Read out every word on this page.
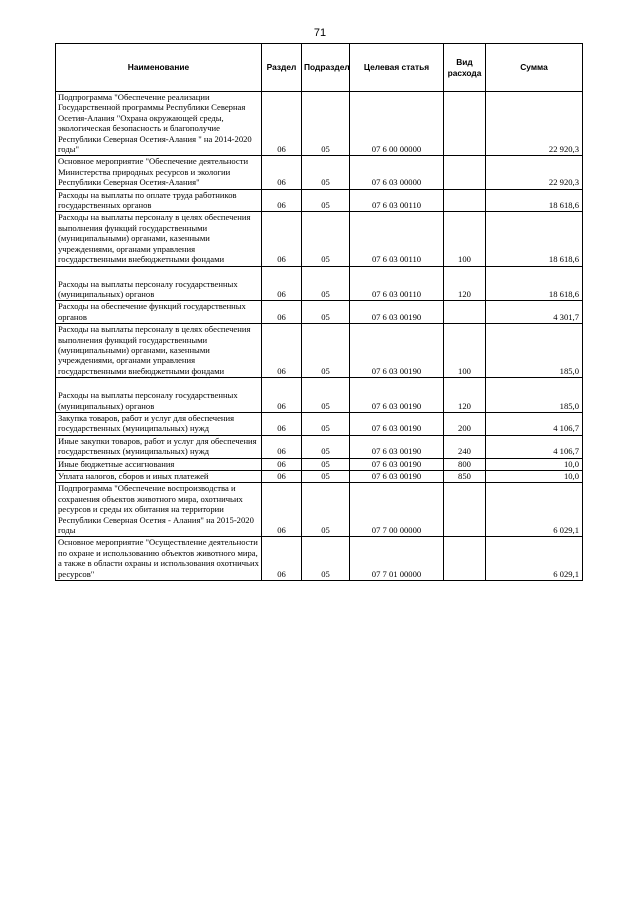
71
Наименование	Раздел	Подраздел	Целевая статья	Вид расхода	Сумма
Подпрограмма "Обеспечение реализации Государственной программы Республики Северная Осетия-Алания "Охрана окружающей среды, экологическая безопасность и благополучие Республики Северная Осетия-Алания " на 2014-2020 годы"	06	05	07 6 00 00000		22 920,3
Основное мероприятие "Обеспечение деятельности Министерства природных ресурсов и экологии Республики Северная Осетия-Алания"	06	05	07 6 03 00000		22 920,3
Расходы на выплаты по оплате труда работников государственных органов	06	05	07 6 03 00110		18 618,6
Расходы на выплаты персоналу в целях обеспечения выполнения функций государственными (муниципальными) органами, казенными учреждениями, органами управления государственными внебюджетными фондами	06	05	07 6 03 00110	100	18 618,6
Расходы на выплаты персоналу государственных (муниципальных) органов	06	05	07 6 03 00110	120	18 618,6
Расходы на обеспечение функций государственных органов	06	05	07 6 03 00190		4 301,7
Расходы на выплаты персоналу в целях обеспечения выполнения функций государственными (муниципальными) органами, казенными учреждениями, органами управления государственными внебюджетными фондами	06	05	07 6 03 00190	100	185,0
Расходы на выплаты персоналу государственных (муниципальных) органов	06	05	07 6 03 00190	120	185,0
Закупка товаров, работ и услуг для обеспечения государственных (муниципальных) нужд	06	05	07 6 03 00190	200	4 106,7
Иные закупки товаров, работ и услуг для обеспечения государственных (муниципальных) нужд	06	05	07 6 03 00190	240	4 106,7
Иные бюджетные ассигнования	06	05	07 6 03 00190	800	10,0
Уплата налогов, сборов и иных платежей	06	05	07 6 03 00190	850	10,0
Подпрограмма "Обеспечение воспроизводства и сохранения объектов животного мира, охотничьих ресурсов и среды их обитания на территории Республики Северная Осетия - Алания" на 2015-2020 годы	06	05	07 7 00 00000		6 029,1
Основное мероприятие "Осуществление деятельности по охране и использованию объектов животного мира, а также в области охраны и использования охотничьих ресурсов"	06	05	07 7 01 00000		6 029,1
